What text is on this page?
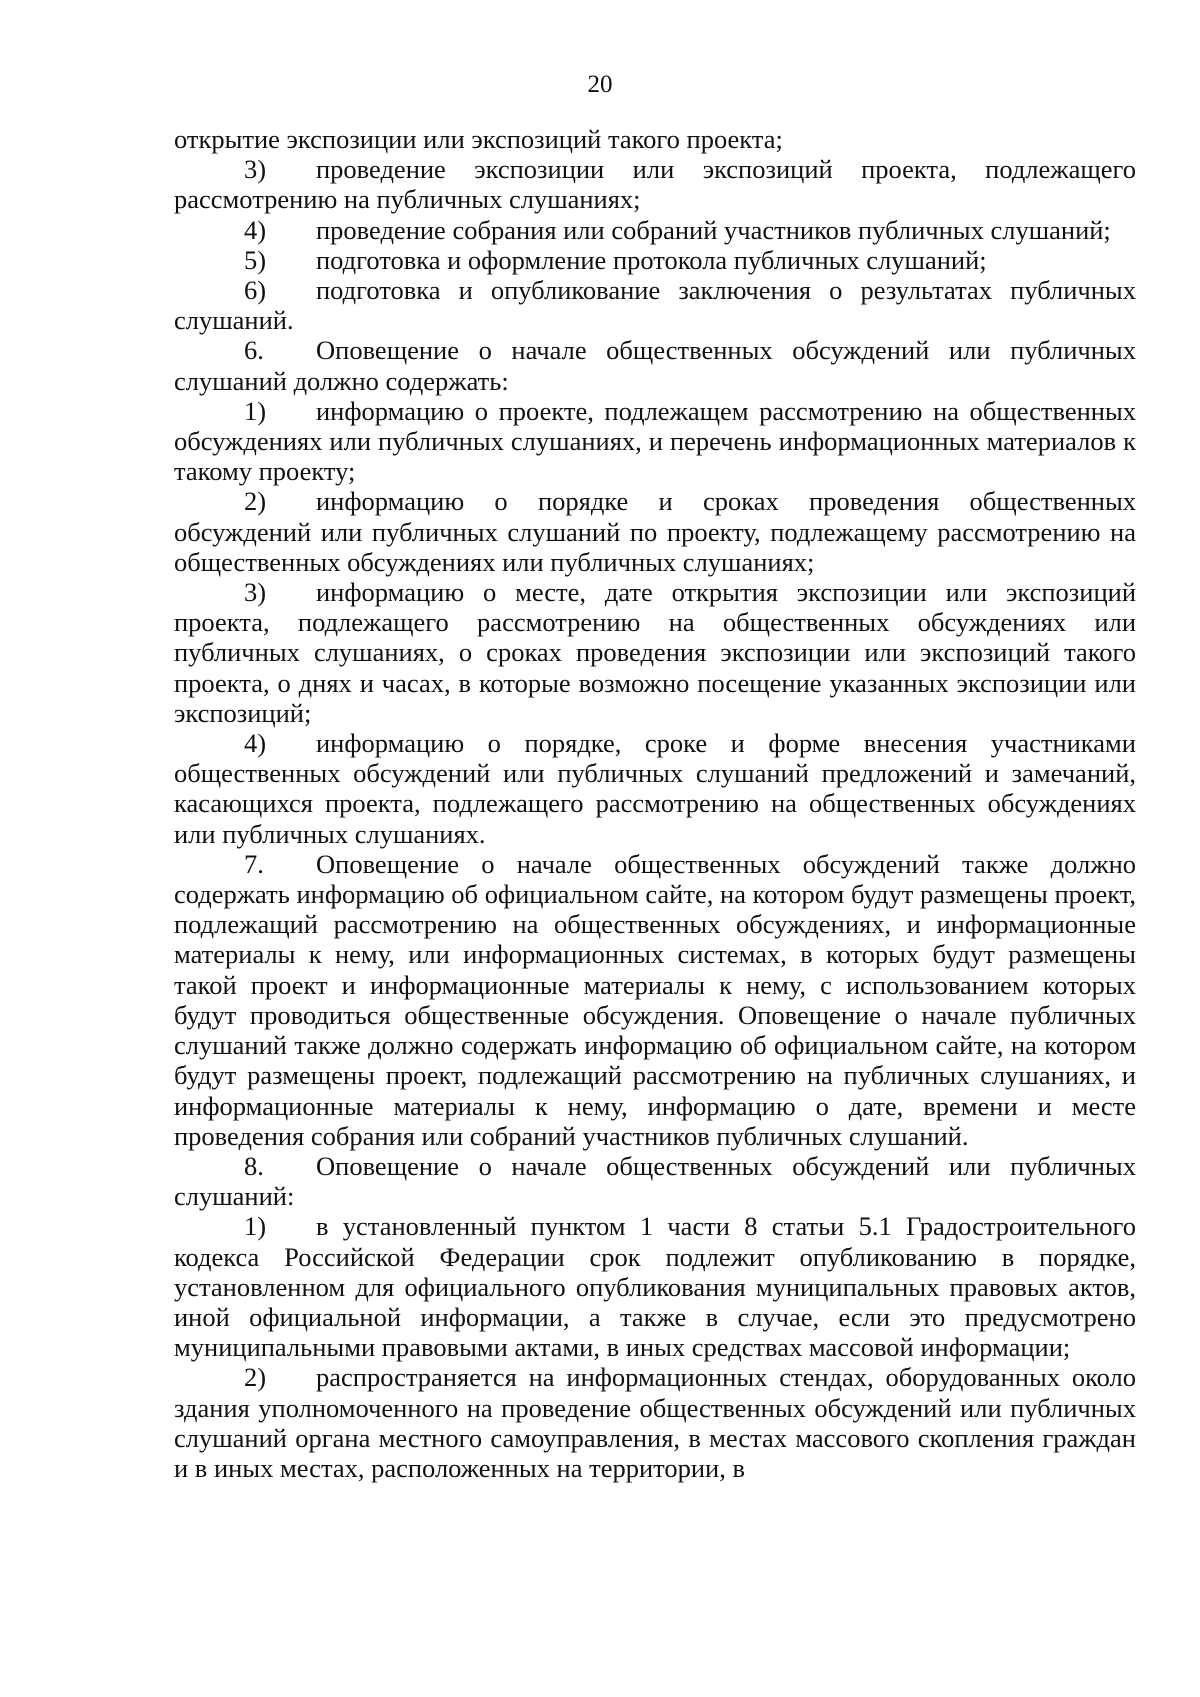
20

открытие экспозиции или экспозиций такого проекта;

3) проведение экспозиции или экспозиций проекта, подлежащего рассмотрению на публичных слушаниях;

4) проведение собрания или собраний участников публичных слушаний;

5) подготовка и оформление протокола публичных слушаний;

6) подготовка и опубликование заключения о результатах публичных слушаний.

6. Оповещение о начале общественных обсуждений или публичных слушаний должно содержать:

1) информацию о проекте, подлежащем рассмотрению на общественных обсуждениях или публичных слушаниях, и перечень информационных материалов к такому проекту;

2) информацию о порядке и сроках проведения общественных обсуждений или публичных слушаний по проекту, подлежащему рассмотрению на общественных обсуждениях или публичных слушаниях;

3) информацию о месте, дате открытия экспозиции или экспозиций проекта, подлежащего рассмотрению на общественных обсуждениях или публичных слушаниях, о сроках проведения экспозиции или экспозиций такого проекта, о днях и часах, в которые возможно посещение указанных экспозиции или экспозиций;

4) информацию о порядке, сроке и форме внесения участниками общественных обсуждений или публичных слушаний предложений и замечаний, касающихся проекта, подлежащего рассмотрению на общественных обсуждениях или публичных слушаниях.

7. Оповещение о начале общественных обсуждений также должно содержать информацию об официальном сайте, на котором будут размещены проект, подлежащий рассмотрению на общественных обсуждениях, и информационные материалы к нему, или информационных системах, в которых будут размещены такой проект и информационные материалы к нему, с использованием которых будут проводиться общественные обсуждения. Оповещение о начале публичных слушаний также должно содержать информацию об официальном сайте, на котором будут размещены проект, подлежащий рассмотрению на публичных слушаниях, и информационные материалы к нему, информацию о дате, времени и месте проведения собрания или собраний участников публичных слушаний.

8. Оповещение о начале общественных обсуждений или публичных слушаний:

1) в установленный пунктом 1 части 8 статьи 5.1 Градостроительного кодекса Российской Федерации срок подлежит опубликованию в порядке, установленном для официального опубликования муниципальных правовых актов, иной официальной информации, а также в случае, если это предусмотрено муниципальными правовыми актами, в иных средствах массовой информации;

2) распространяется на информационных стендах, оборудованных около здания уполномоченного на проведение общественных обсуждений или публичных слушаний органа местного самоуправления, в местах массового скопления граждан и в иных местах, расположенных на территории, в
